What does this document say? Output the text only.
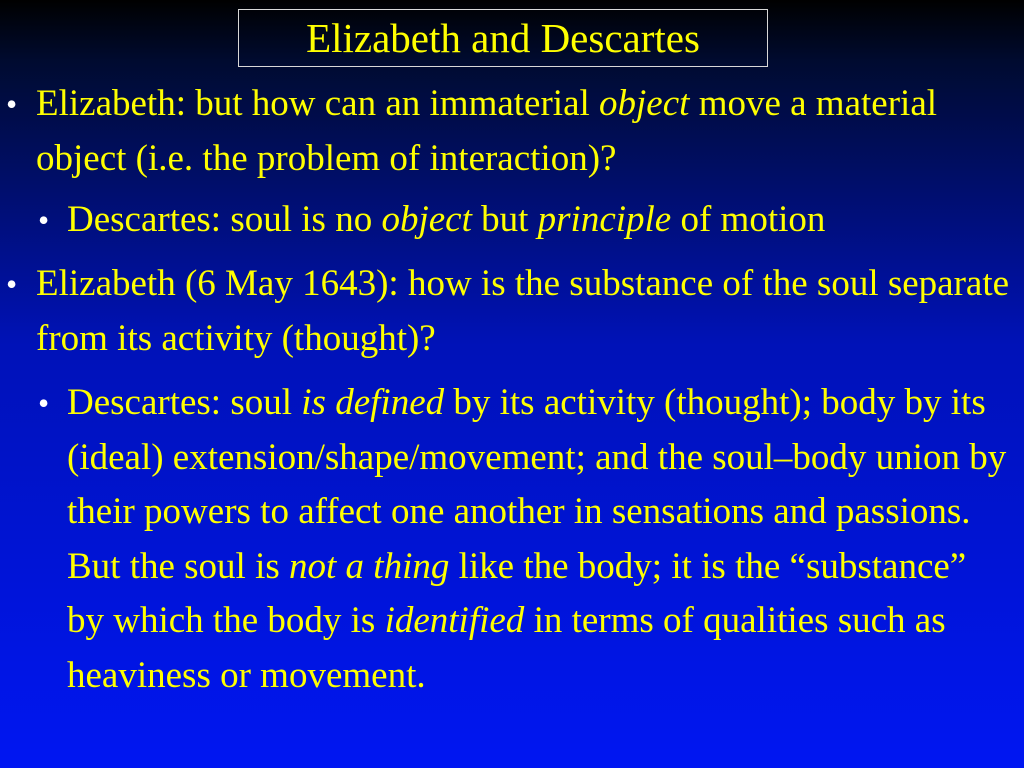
Elizabeth and Descartes
• Elizabeth: but how can an immaterial object move a material object (i.e. the problem of interaction)?
• Descartes: soul is no object but principle of motion
• Elizabeth (6 May 1643): how is the substance of the soul separate from its activity (thought)?
• Descartes: soul is defined by its activity (thought); body by its (ideal) extension/shape/movement; and the soul–body union by their powers to affect one another in sensations and passions. But the soul is not a thing like the body; it is the “substance” by which the body is identified in terms of qualities such as heaviness or movement.
